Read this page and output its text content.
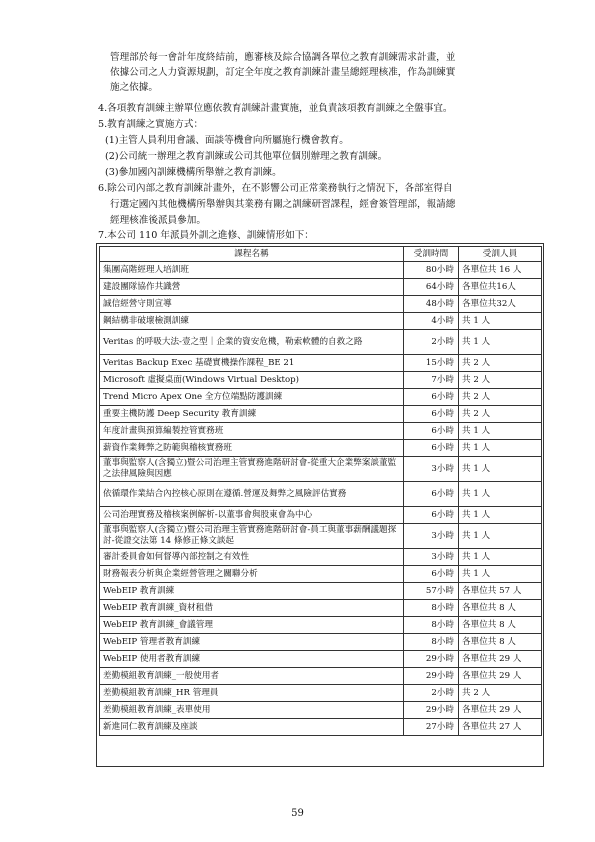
管理部於每一會計年度終結前，應審核及綜合協調各單位之教育訓練需求計畫，並
依據公司之人力資源規劃，訂定全年度之教育訓練計畫呈總經理核准，作為訓練實
施之依據。
4.各項教育訓練主辦單位應依教育訓練計畫實施，並負責該項教育訓練之全盤事宜。
5.教育訓練之實施方式：
(1)主管人員利用會議、面談等機會向所屬施行機會教育。
(2)公司統一辦理之教育訓練或公司其他單位個別辦理之教育訓練。
(3)參加國內訓練機構所舉辦之教育訓練。
6.除公司內部之教育訓練計畫外，在不影響公司正常業務執行之情況下，各部室得自
行選定國內其他機構所舉辦與其業務有關之訓練研習課程，經會簽管理部，報請總
經理核准後派員參加。
7.本公司 110 年派員外訓之進修、訓練情形如下：
課程名稱	受訓時間	受訓人員
集團高階經理人培訓班	80小時	各單位共 16 人
建設團隊協作共識營	64小時	各單位共16人
誠信經營守則宣導	48小時	各單位共32人
鋼結構非破壞檢測訓練	4小時	共 1 人
Veritas 的呼吸大法-壹之型｜企業的資安危機，勒索軟體的自救之路	2小時	共 1 人
Veritas Backup Exec 基礎實機操作課程_BE 21	15小時	共 2 人
Microsoft 虛擬桌面(Windows Virtual Desktop)	7小時	共 2 人
Trend Micro Apex One 全方位端點防護訓練	6小時	共 2 人
重要主機防護 Deep Security 教育訓練	6小時	共 2 人
年度計畫與預算編製控管實務班	6小時	共 1 人
薪資作業舞弊之防範與稽核實務班	6小時	共 1 人
董事與監察人(含獨立)暨公司治理主管實務進階研討會-從重大企業弊案談董監之法律風險與因應	3小時	共 1 人
依循環作業結合內控核心原則在遵循.營運及舞弊之風險評估實務	6小時	共 1 人
公司治理實務及稽核案例解析-以董事會與股東會為中心	6小時	共 1 人
董事與監察人(含獨立)暨公司治理主管實務進階研討會-員工與董事薪酬議題探討-從證交法第 14 條修正條文談起	3小時	共 1 人
審計委員會如何督導內部控制之有效性	3小時	共 1 人
財務報表分析與企業經營管理之關聯分析	6小時	共 1 人
WebEIP 教育訓練	57小時	各單位共 57 人
WebEIP 教育訓練_資材租借	8小時	各單位共 8 人
WebEIP 教育訓練_會議管理	8小時	各單位共 8 人
WebEIP 管理者教育訓練	8小時	各單位共 8 人
WebEIP 使用者教育訓練	29小時	各單位共 29 人
差勤模組教育訓練_一般使用者	29小時	各單位共 29 人
差勤模組教育訓練_HR 管理員	2小時	共 2 人
差勤模組教育訓練_表單使用	29小時	各單位共 29 人
新進同仁教育訓練及座談	27小時	各單位共 27 人
59
